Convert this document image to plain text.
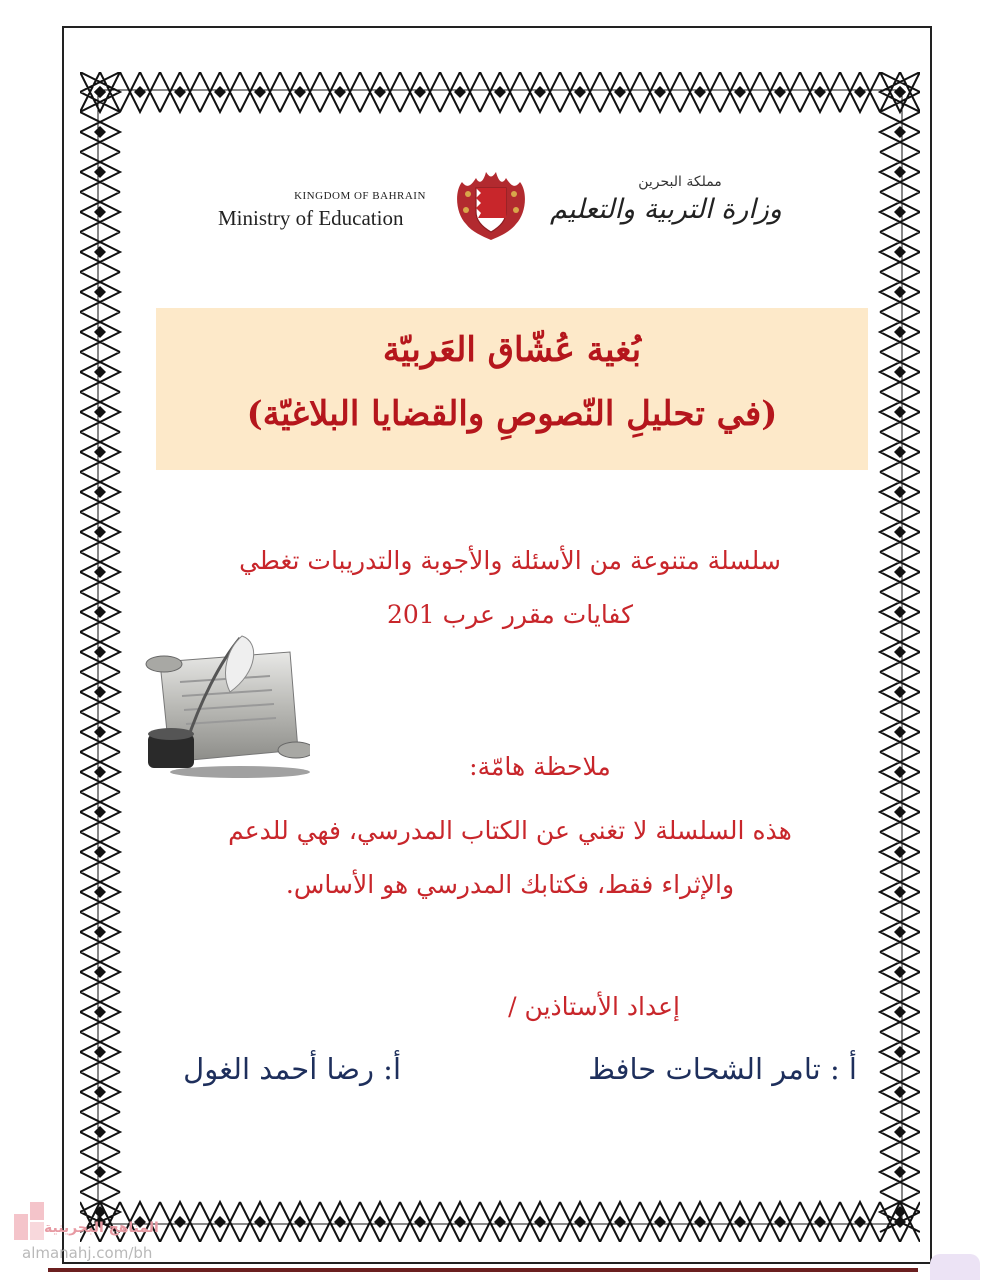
KINGDOM OF BAHRAIN
Ministry of Education
مملكة البحرين
وزارة التربية والتعليم
بُغية عُشّاق العَربيّة
(في تحليلِ النّصوصِ والقضايا البلاغيّة)
سلسلة متنوعة من الأسئلة والأجوبة والتدريبات تغطي
كفايات مقرر عرب 201
ملاحظة هامّة:
هذه السلسلة لا تغني عن الكتاب المدرسي، فهي للدعم
والإثراء فقط، فكتابك المدرسي هو الأساس.
إعداد الأستاذين /
أ : تامر الشحات حافظ
أ: رضا أحمد الغول
المناهج البحرينية
almanahj.com/bh
